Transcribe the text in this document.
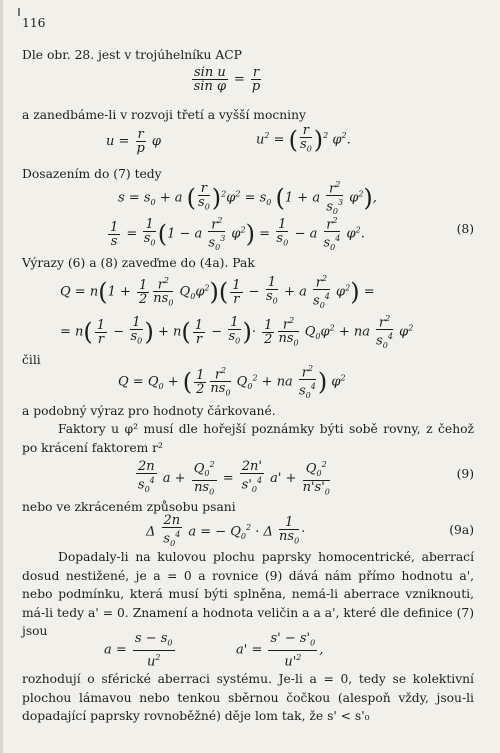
116
Dle obr. 28. jest v trojúhelníku ACP
$\frac{\text{sin u}}{\text{sin φ}} = \frac{r}{p}$
a zanedbáme-li v rozvoji třetí a vyšší mocniny
$u = \frac{r}{p}$ φ	$u^2$ = ( $\frac{r}{s_0} )^2$ $\varphi^2$.
Dosazením do (7) tedy
$s = s_0 + a$ ( $\frac{r}{s_0} )^2\varphi^2 = s_0$ (1 + a $\frac{r^2}{s_0^3} \varphi^2$),
$\frac{1}{s} = \frac{1}{s_0} (1 - a \frac{r^2}{s_0^3} \varphi^2) = \frac{1}{s_0} - a \frac{r^2}{s_0^4} \varphi^2$.	(8)
Výrazy (6) a (8) zaveďme do (4a). Pak
$Q = n(1 + \frac{1}{2} \frac{r^2}{ns_0} Q_0\varphi^2)( \frac{1}{r} - \frac{1}{s_0} + a \frac{r^2}{s_0^4} \varphi^2)$ =
= $n( \frac{1}{r} - \frac{1}{s_0}$ ) + $n( \frac{1}{r} - \frac{1}{s_0}$ )· $\frac{1}{2} \frac{r^2}{ns_0} Q_0\varphi^2$ + na $\frac{r^2}{s_0^4} \varphi^2$
čili
$Q = Q_0$ + ( $\frac{1}{2} \frac{r^2}{ns_0} Q_0^2$ + na $\frac{r^2}{s_0^4}$ ) $\varphi^2$
a podobný výraz pro hodnoty čárkované.
Faktory u φ² musí dle hořejší poznámky býti sobě rovny, z čehož po krácení faktorem r²
$\frac{2n}{s_0^4}$ $a + \frac{Q_0^2}{ns_0} = \frac{2n'}{s'_0^4} a' + \frac{Q_0^2}{n's'_0}$	(9)
nebo ve zkráceném způsobu psani
Δ $\frac{2n}{s_0^4}$ a = − $Q_0^2 \cdot \Delta \frac{1}{ns_0}$ ·	(9a)
Dopadaly-li na kulovou plochu paprsky homocentrické, aberrací dosud nestižené, je a = 0 a rovnice (9) dává nám přímo hodnotu a', nebo podmínku, která musí býti splněna, nemá-li aberrace vzniknouti, má-li tedy a' = 0. Znamení a hodnota veličin a a a', které dle definice (7) jsou
$a = \frac{s - s_0}{u^2}$	$a' = \frac{s' - s'_0}{u'^2}$ ,
rozhodují o sférické aberraci systému. Je-li a = 0, tedy se kolektivní plochou lámavou nebo tenkou sběrnou čočkou (alespoň vždy, jsou-li dopadající paprsky rovnoběžné) děje lom tak, že s' < s'₀
